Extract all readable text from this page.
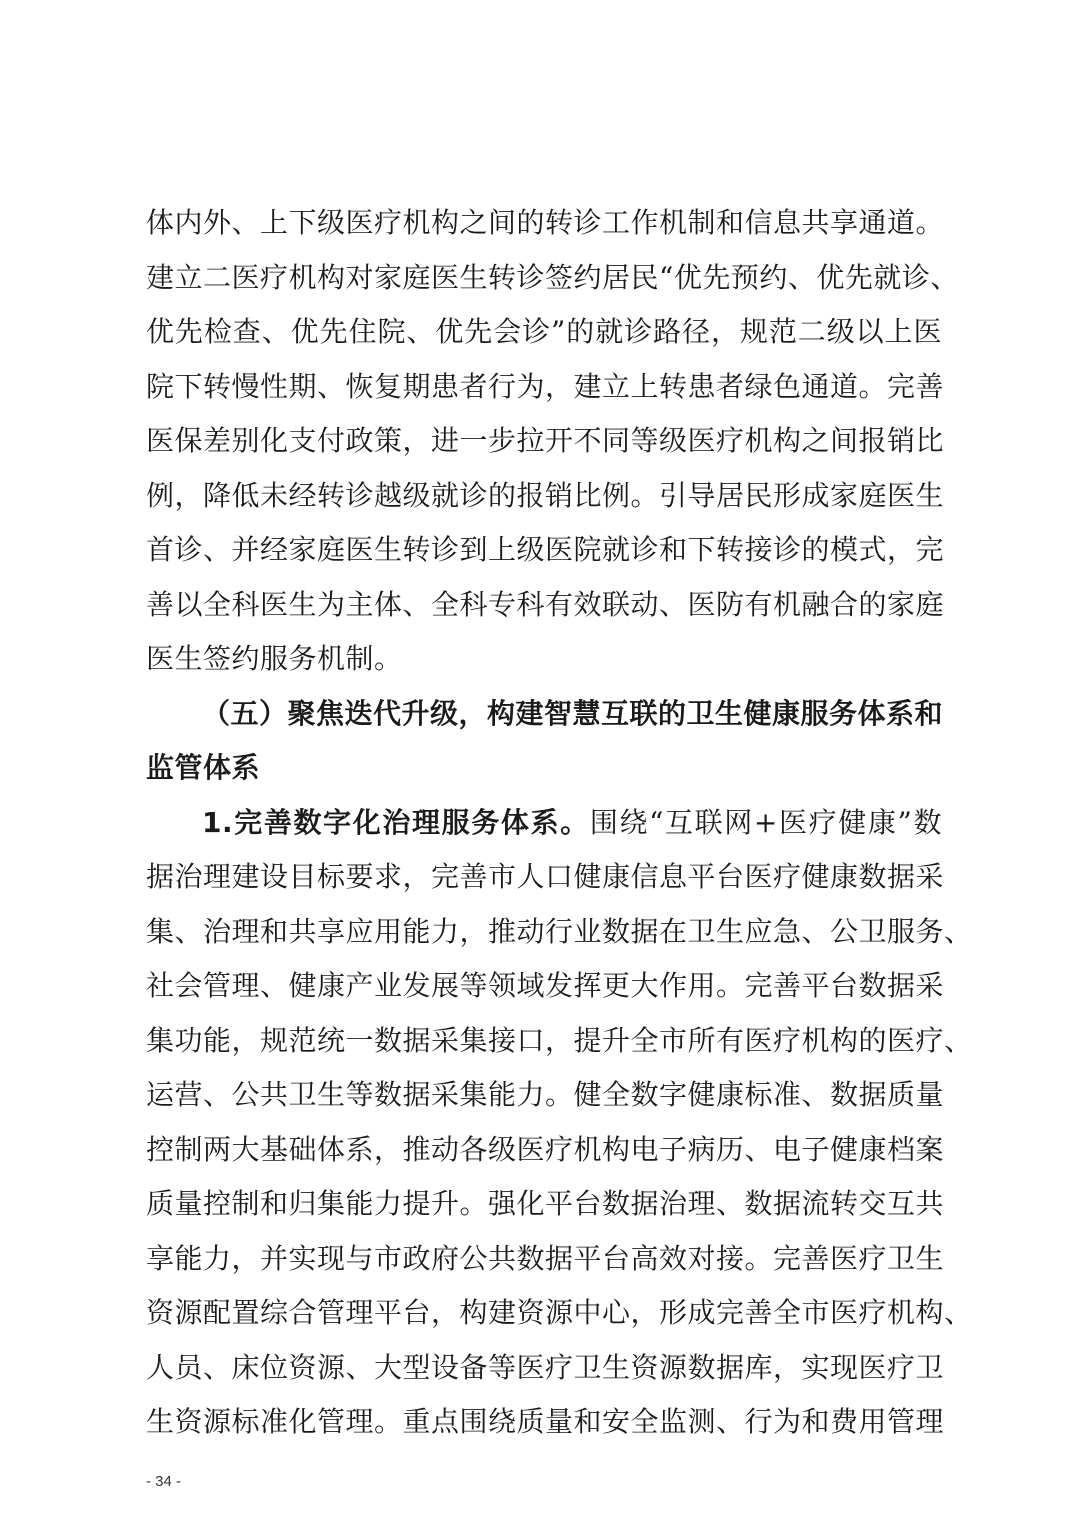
体内外、上下级医疗机构之间的转诊工作机制和信息共享通道。
建立二医疗机构对家庭医生转诊签约居民“优先预约、优先就诊、
优先检查、优先住院、优先会诊”的就诊路径，规范二级以上医
院下转慢性期、恢复期患者行为，建立上转患者绿色通道。完善
医保差别化支付政策，进一步拉开不同等级医疗机构之间报销比
例，降低未经转诊越级就诊的报销比例。引导居民形成家庭医生
首诊、并经家庭医生转诊到上级医院就诊和下转接诊的模式，完
善以全科医生为主体、全科专科有效联动、医防有机融合的家庭
医生签约服务机制。
（五）聚焦迭代升级，构建智慧互联的卫生健康服务体系和
监管体系
1.完善数字化治理服务体系。围绕“互联网+医疗健康”数
据治理建设目标要求，完善市人口健康信息平台医疗健康数据采
集、治理和共享应用能力，推动行业数据在卫生应急、公卫服务、
社会管理、健康产业发展等领域发挥更大作用。完善平台数据采
集功能，规范统一数据采集接口，提升全市所有医疗机构的医疗、
运营、公共卫生等数据采集能力。健全数字健康标准、数据质量
控制两大基础体系，推动各级医疗机构电子病历、电子健康档案
质量控制和归集能力提升。强化平台数据治理、数据流转交互共
享能力，并实现与市政府公共数据平台高效对接。完善医疗卫生
资源配置综合管理平台，构建资源中心，形成完善全市医疗机构、
人员、床位资源、大型设备等医疗卫生资源数据库，实现医疗卫
生资源标准化管理。重点围绕质量和安全监测、行为和费用管理
- 34 -
